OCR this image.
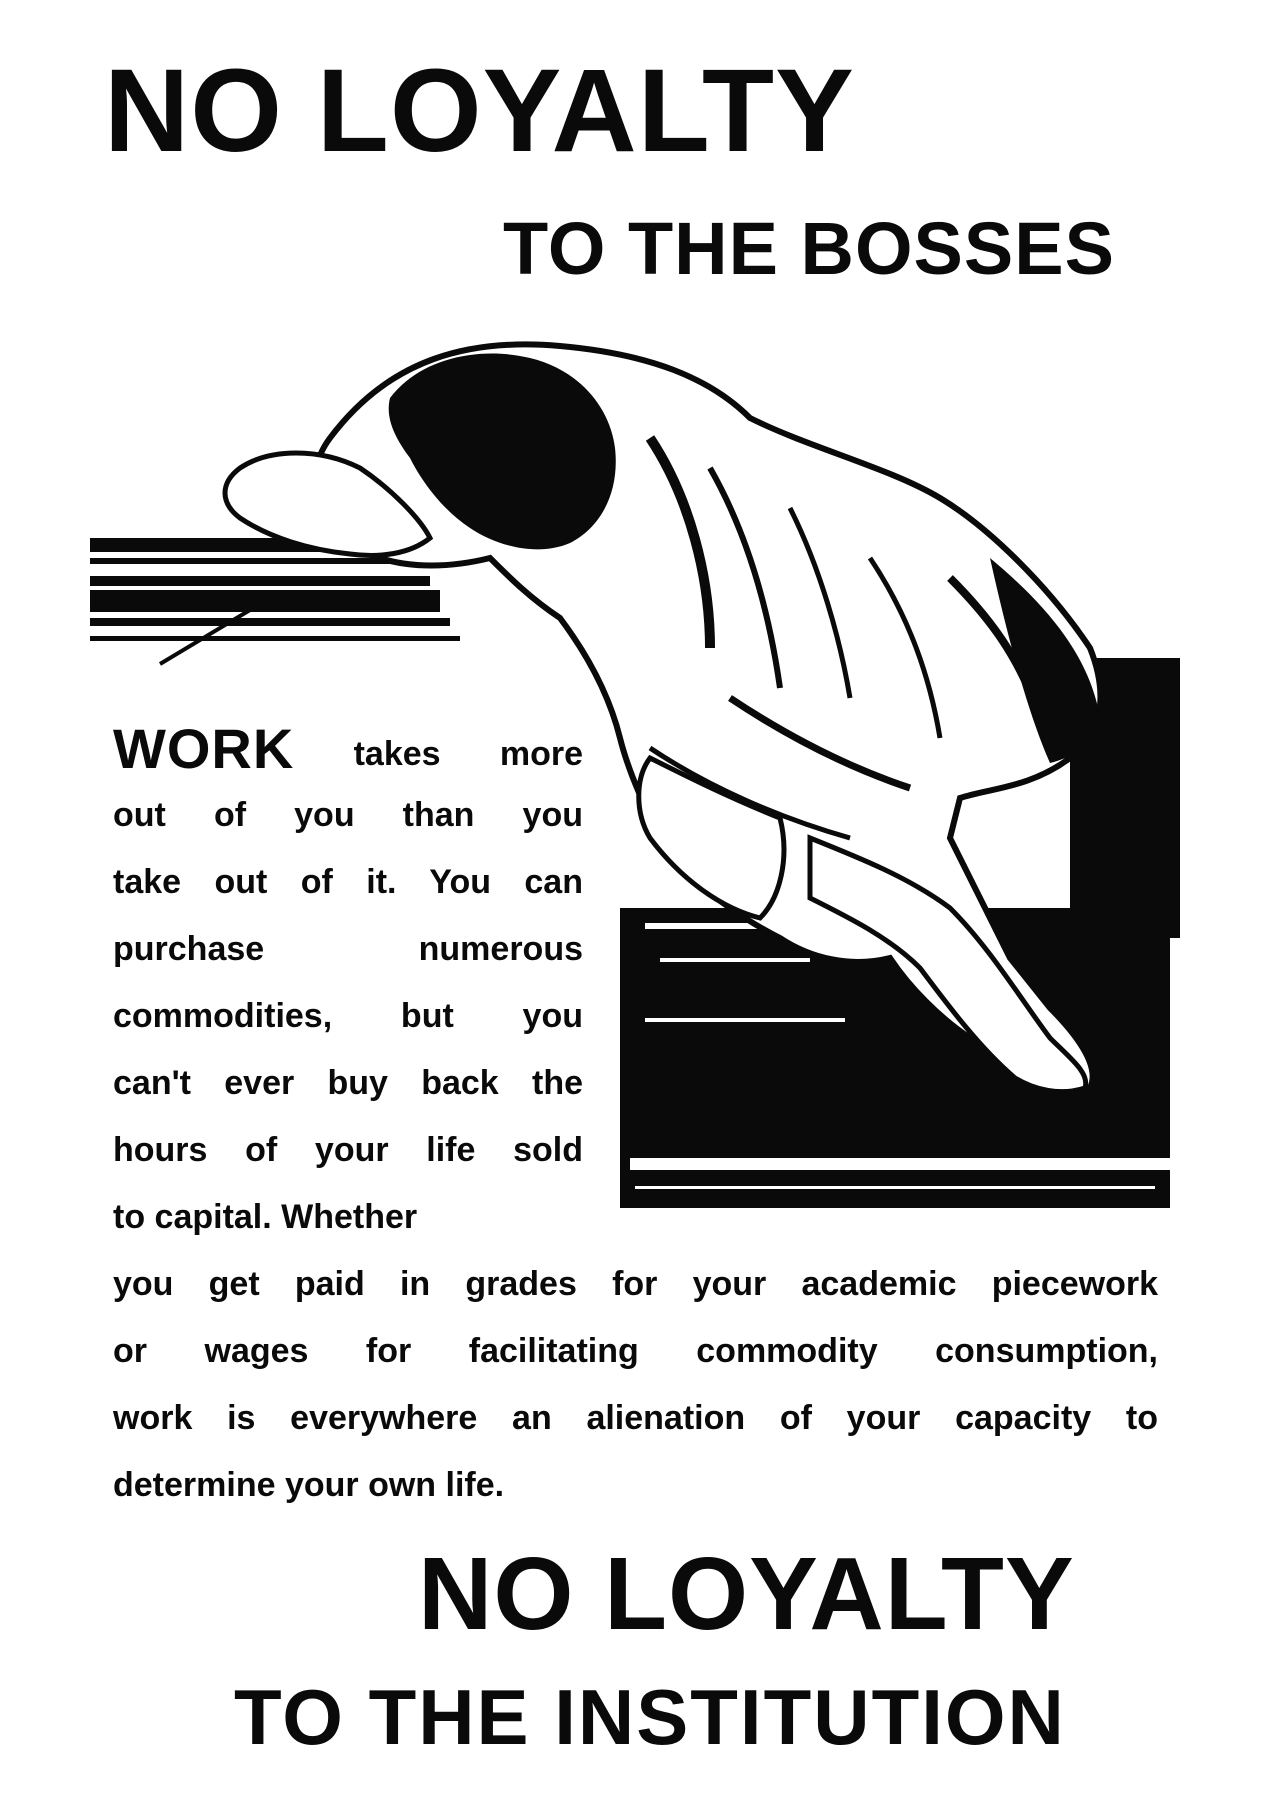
NO LOYALTY
TO THE BOSSES
WORK takes more
out of you than you
take out of it. You can
purchase numerous
commodities, but you
can't ever buy back the
hours of your life sold
to capital. Whether
you get paid in grades for your academic piecework
or wages for facilitating commodity consumption,
work is everywhere an alienation of your capacity to
determine your own life.
NO LOYALTY
TO THE INSTITUTION
